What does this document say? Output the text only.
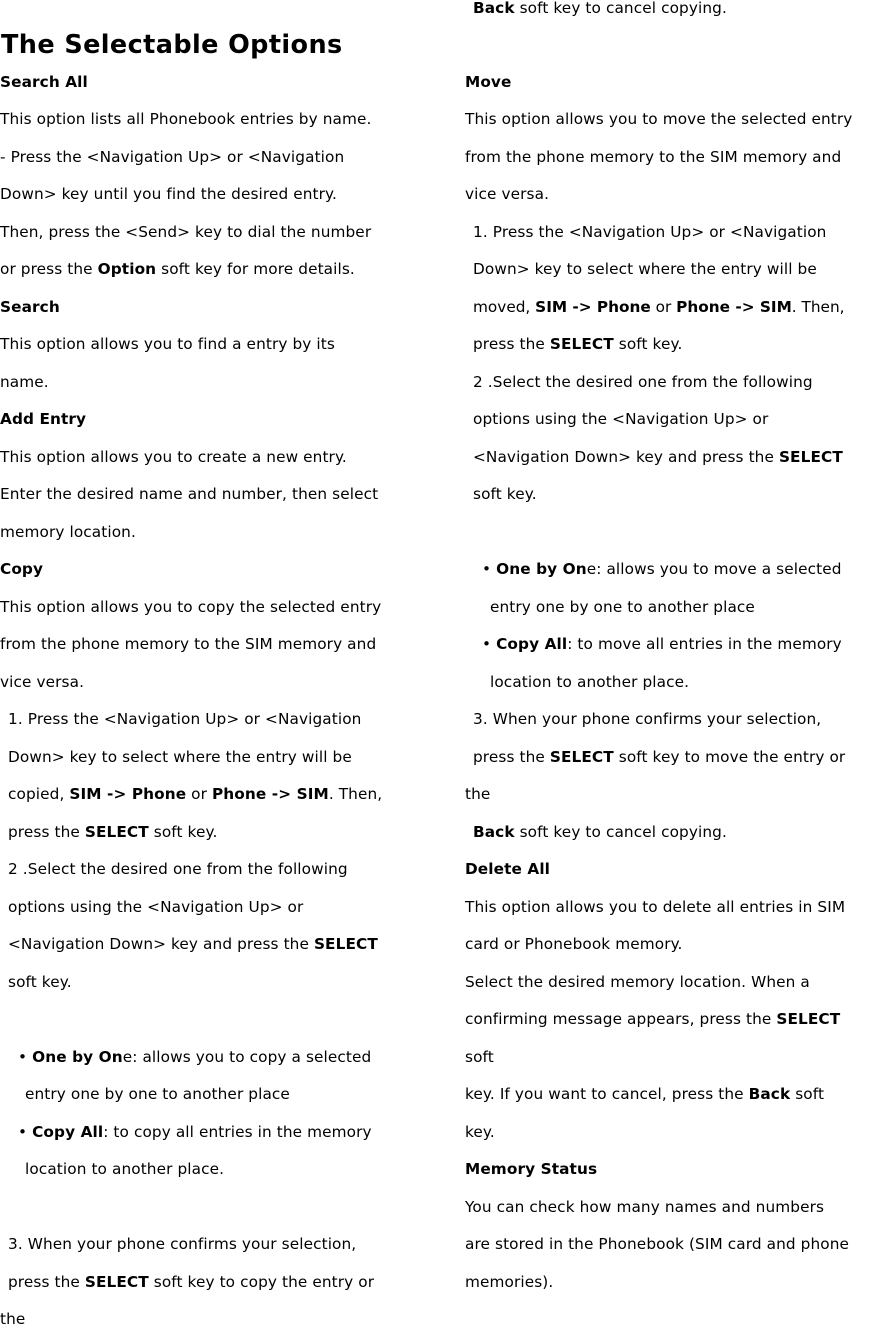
The Selectable Options
Search All
This option lists all Phonebook entries by name.
- Press the <Navigation Up> or <Navigation
Down> key until you find the desired entry.
Then, press the <Send> key to dial the number
or press the Option soft key for more details.
Search
This option allows you to find a entry by its
name.
Add Entry
This option allows you to create a new entry.
Enter the desired name and number, then select
memory location.
Copy
This option allows you to copy the selected entry
from the phone memory to the SIM memory and
vice versa.
1. Press the <Navigation Up> or <Navigation
Down> key to select where the entry will be
copied, SIM -> Phone or Phone -> SIM. Then,
press the SELECT soft key.
2 .Select the desired one from the following
options using the <Navigation Up> or
<Navigation Down> key and press the SELECT
soft key.
• One by One: allows you to copy a selected
entry one by one to another place
• Copy All: to copy all entries in the memory
location to another place.
3. When your phone confirms your selection,
press the SELECT soft key to copy the entry or
the
Back soft key to cancel copying.
Move
This option allows you to move the selected entry
from the phone memory to the SIM memory and
vice versa.
1. Press the <Navigation Up> or <Navigation
Down> key to select where the entry will be
moved, SIM -> Phone or Phone -> SIM. Then,
press the SELECT soft key.
2 .Select the desired one from the following
options using the <Navigation Up> or
<Navigation Down> key and press the SELECT
soft key.
• One by One: allows you to move a selected
entry one by one to another place
• Copy All: to move all entries in the memory
location to another place.
3. When your phone confirms your selection,
press the SELECT soft key to move the entry or
the
Back soft key to cancel copying.
Delete All
This option allows you to delete all entries in SIM
card or Phonebook memory.
Select the desired memory location. When a
confirming message appears, press the SELECT
soft
key. If you want to cancel, press the Back soft
key.
Memory Status
You can check how many names and numbers
are stored in the Phonebook (SIM card and phone
memories).
